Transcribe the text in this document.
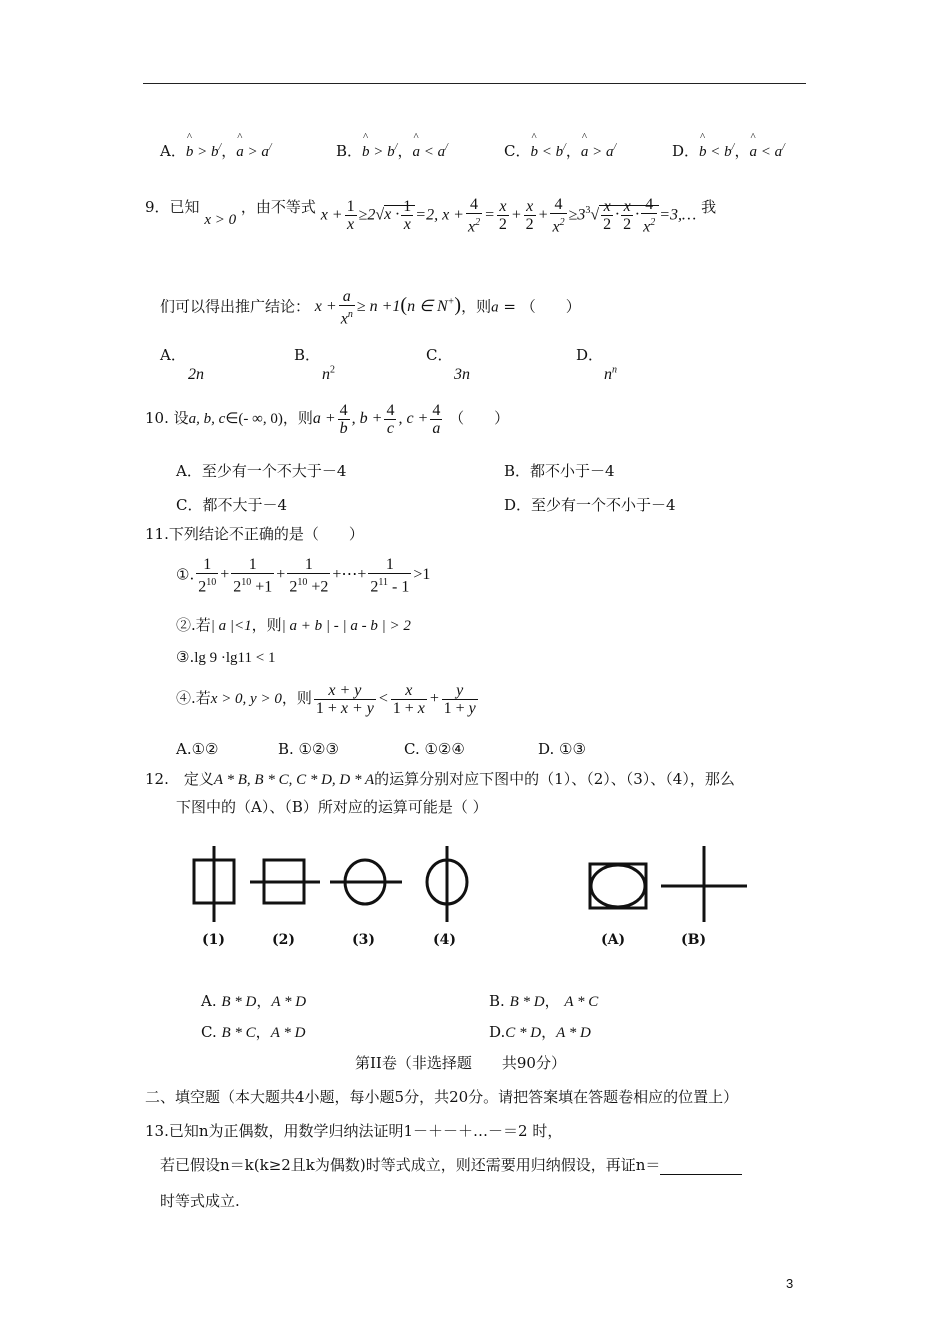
A．^ b > b/，^ a > a/	B．^ b > b/，^ a < a/	C．^ b < b/，^ a > a/	D．^ b < b/，^ a < a/
9．已知 x > 0 ，由不等式 $x + \frac{1}{x} \ge 2√x \cdot \frac{1}{x} =2$, $x + \frac{4}{x^2} = \frac{x}{2} + \frac{x}{2} + \frac{4}{x^2} \ge 3^3√ \frac{x}{2} \cdot \frac{x}{2} \cdot \frac{4}{x^2}$ =3,… 我
们可以得出推广结论： $x + \frac{a}{x^n} \ge n +1(n$ ∈ N+)，则a = （　　）
A．
2n
B．
$n^2$
C．
3n
D．
$n^n$
10. 设a, b, c∈(- ∞, 0)，则$a + \frac{4}{b}$ , $b + \frac{4}{c}$ , $c + \frac{4}{a}$ （　　）
A．至少有一个不大于－4	B．都不小于－4
C．都不大于－4	D．至少有一个不小于－4
11.下列结论不正确的是（　　）
①. $\frac{1}{2^{10}} + \frac{1}{2^{10} +1} + \frac{1}{2^{10} +2}$ +⋯+ $\frac{1}{2^{11} - 1} >1$
②.若| a |<1，则| a + b | - | a - b | > 2
③.lg 9 ·lg11 < 1
④.若x > 0, y > 0，则 $\frac{x + y}{1 + x + y} < \frac{x}{1 + x} + \frac{y}{1 + y}$
A.①②	B. ①②③	C. ①②④	D. ①③
12.　定义A * B, B * C, C * D, D * A的运算分别对应下图中的（1）、（2）、（3）、（4），那么
下图中的（A）、（B）所对应的运算可能是（ ）
(1)	(2)	(3)	(4)	(A)	(B)
A. B * D，A * D	B. B * D， A * C
C. B * C，A * D	D.C * D，A * D
第II卷（非选择题　　共90分）
二、填空题（本大题共4小题，每小题5分，共20分。请把答案填在答题卷相应的位置上）
13.已知n为正偶数，用数学归纳法证明1－＋－＋…－＝2 时，
若已假设n＝k(k≥2且k为偶数)时等式成立，则还需要用归纳假设，再证n＝
时等式成立.
3
